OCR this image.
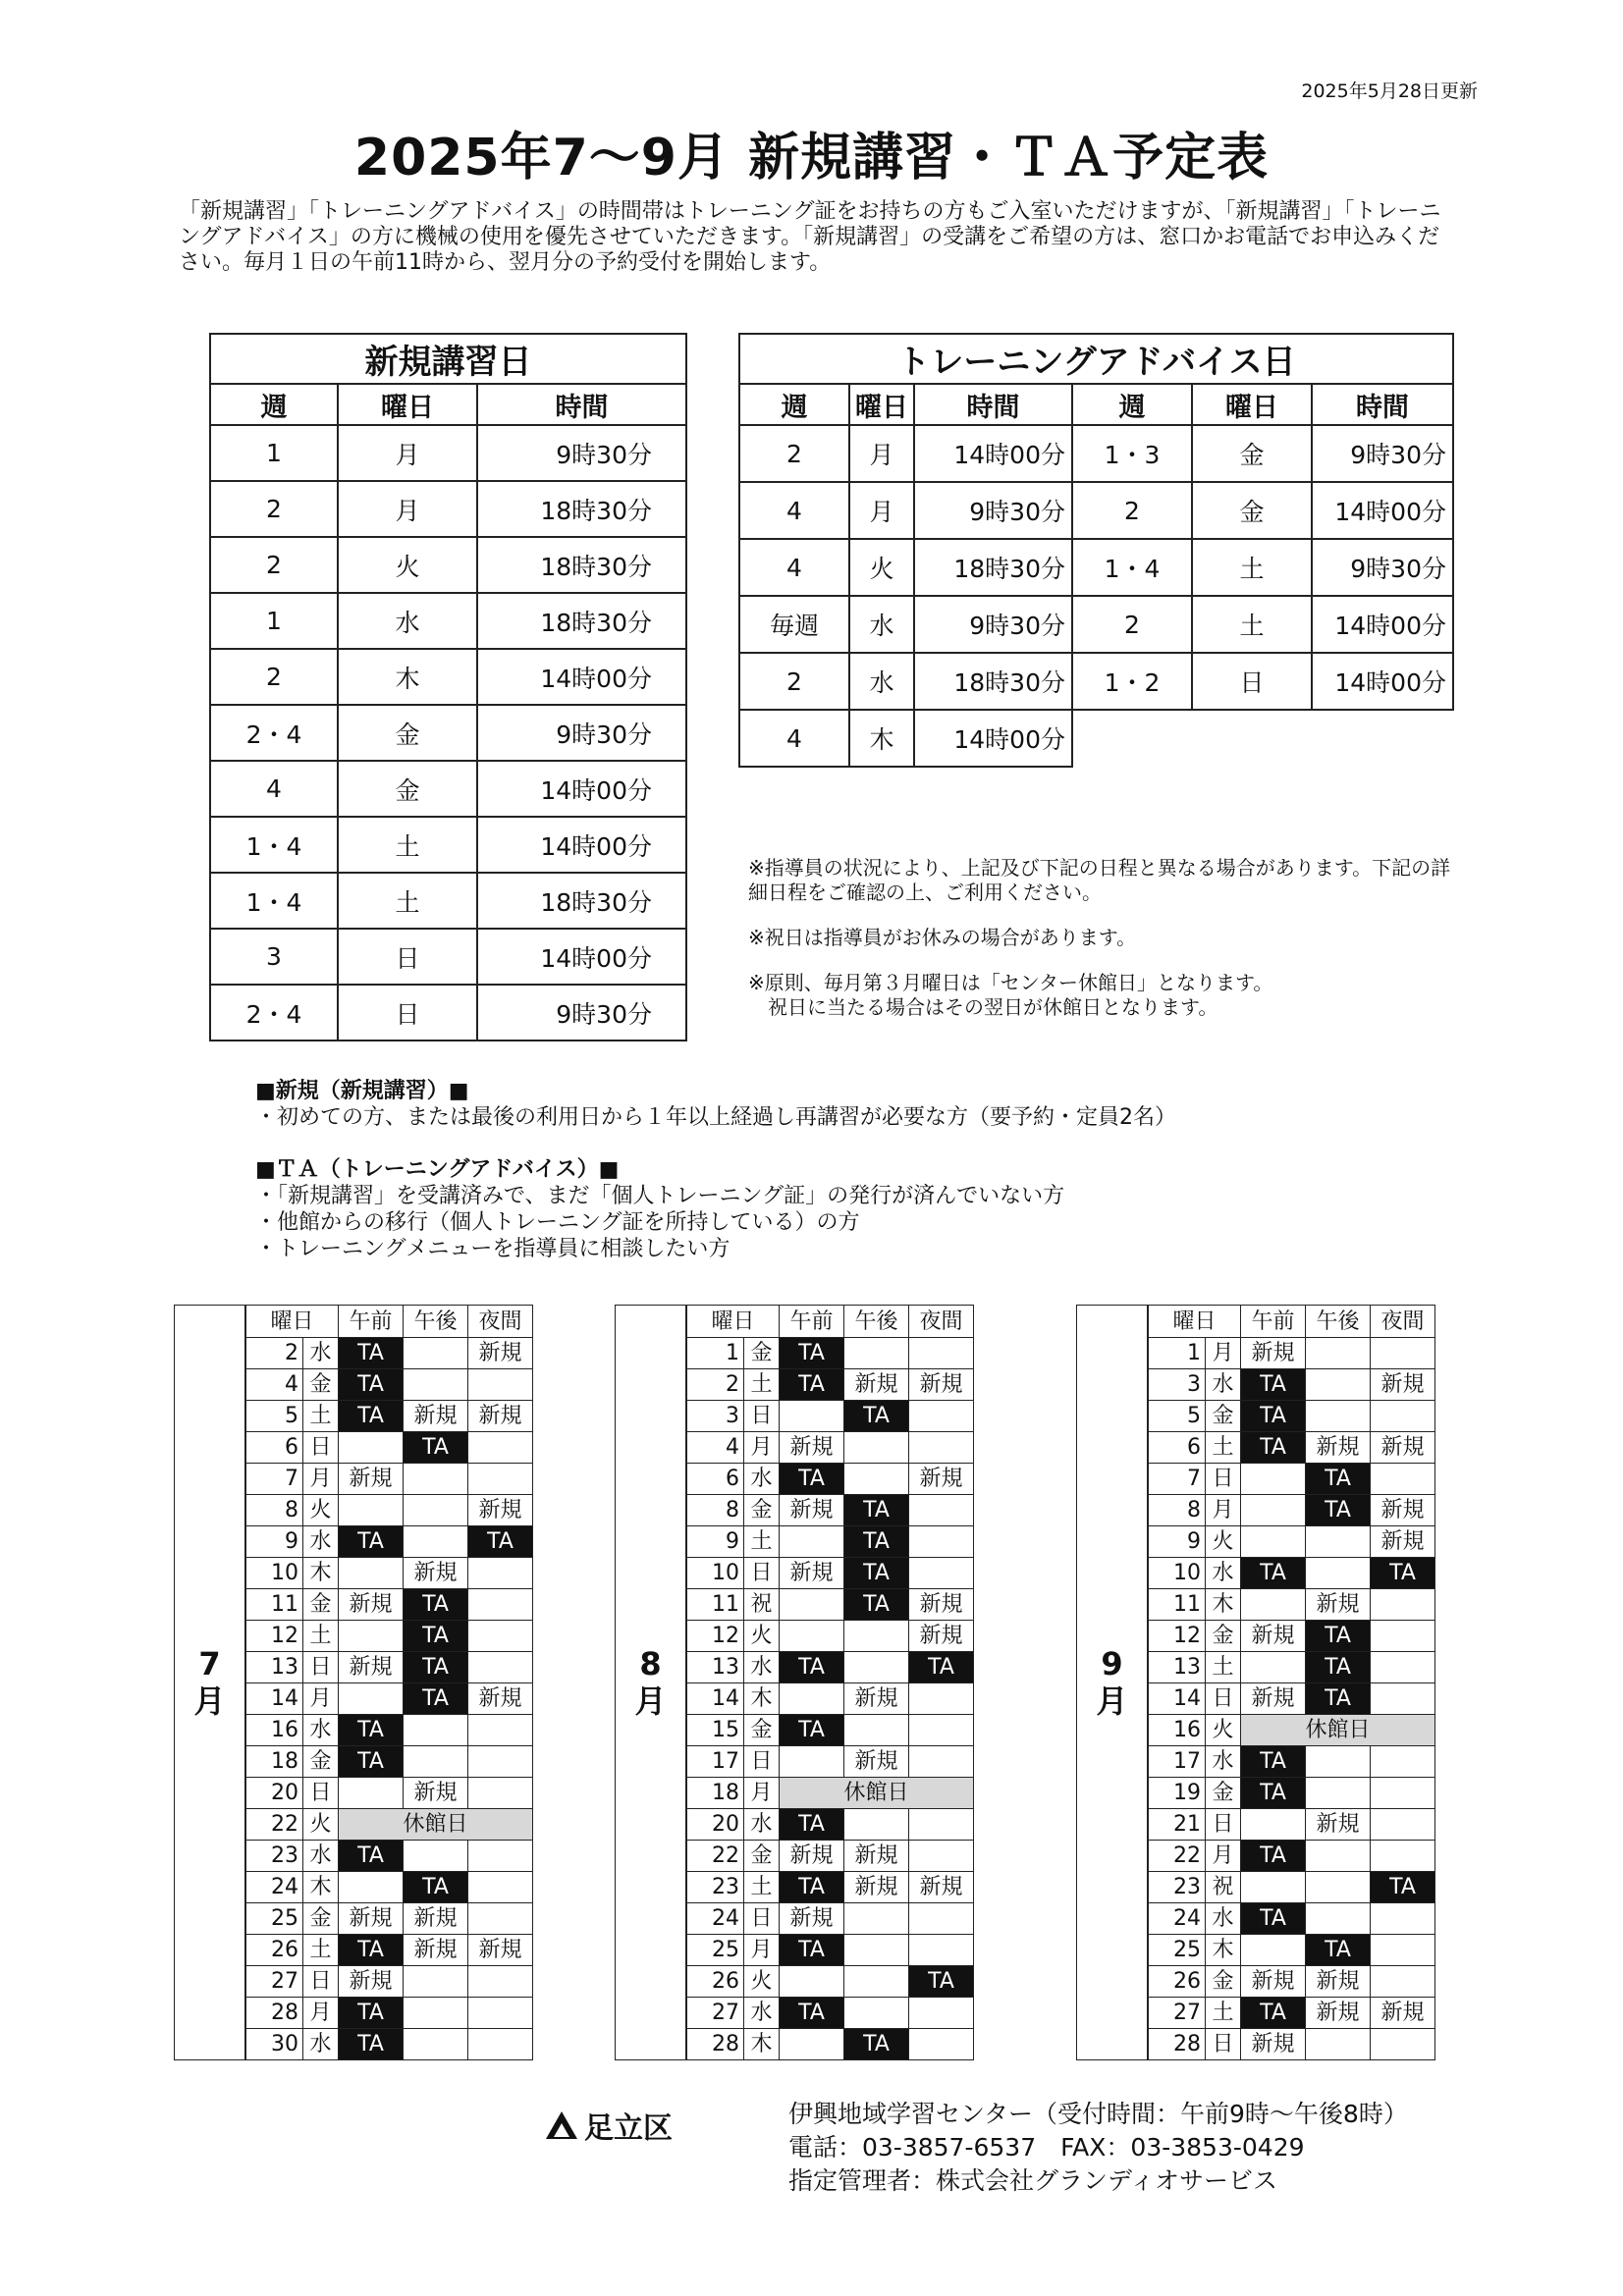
2025年5月28日更新
2025年7～9月 新規講習・ＴＡ予定表
「新規講習」「トレーニングアドバイス」の時間帯はトレーニング証をお持ちの方もご入室いただけますが、「新規講習」「トレーニングアドバイス」の方に機械の使用を優先させていただきます。「新規講習」の受講をご希望の方は、窓口かお電話でお申込みください。毎月１日の午前11時から、翌月分の予約受付を開始します。
新規講習日		
週	曜日	時間
1	月	9時30分
2	月	18時30分
2	火	18時30分
1	水	18時30分
2	木	14時00分
2・4	金	9時30分
4	金	14時00分
1・4	土	14時00分
1・4	土	18時30分
3	日	14時00分
2・4	日	9時30分
トレーニングアドバイス日					
週	曜日	時間	週	曜日	時間
2	月	14時00分	1・3	金	9時30分
4	月	9時30分	2	金	14時00分
4	火	18時30分	1・4	土	9時30分
毎週	水	9時30分	2	土	14時00分
2	水	18時30分	1・2	日	14時00分
4	木	14時00分			

※指導員の状況により、上記及び下記の日程と異なる場合があります。下記の詳細日程をご確認の上、ご利用ください。

※祝日は指導員がお休みの場合があります。

※原則、毎月第３月曜日は「センター休館日」となります。
　祝日に当たる場合はその翌日が休館日となります。

■新規（新規講習）■
・初めての方、または最後の利用日から１年以上経過し再講習が必要な方（要予約・定員2名）
■ＴＡ（トレーニングアドバイス）■
・「新規講習」を受講済みで、まだ「個人トレーニング証」の発行が済んでいない方
・他館からの移行（個人トレーニング証を所持している）の方
・トレーニングメニューを指導員に相談したい方
7
月	曜日		午前	午後	夜間
	2	水	TA		新規
	4	金	TA		
	5	土	TA	新規	新規
	6	日		TA	
	7	月	新規		
	8	火			新規
	9	水	TA		TA
	10	木		新規	
	11	金	新規	TA	
	12	土		TA	
	13	日	新規	TA	
	14	月		TA	新規
	16	水	TA		
	18	金	TA		
	20	日		新規	
	22	火	休館日		
	23	水	TA		
	24	木		TA	
	25	金	新規	新規	
	26	土	TA	新規	新規
	27	日	新規		
	28	月	TA		
	30	水	TA		
8
月	曜日		午前	午後	夜間
	1	金	TA		
	2	土	TA	新規	新規
	3	日		TA	
	4	月	新規		
	6	水	TA		新規
	8	金	新規	TA	
	9	土		TA	
	10	日	新規	TA	
	11	祝		TA	新規
	12	火			新規
	13	水	TA		TA
	14	木		新規	
	15	金	TA		
	17	日		新規	
	18	月	休館日		
	20	水	TA		
	22	金	新規	新規	
	23	土	TA	新規	新規
	24	日	新規		
	25	月	TA		
	26	火			TA
	27	水	TA		
	28	木		TA	
9
月	曜日		午前	午後	夜間
	1	月	新規		
	3	水	TA		新規
	5	金	TA		
	6	土	TA	新規	新規
	7	日		TA	
	8	月		TA	新規
	9	火			新規
	10	水	TA		TA
	11	木		新規	
	12	金	新規	TA	
	13	土		TA	
	14	日	新規	TA	
	16	火	休館日		
	17	水	TA		
	19	金	TA		
	21	日		新規	
	22	月	TA		
	23	祝			TA
	24	水	TA		
	25	木		TA	
	26	金	新規	新規	
	27	土	TA	新規	新規
	28	日	新規		
足立区	伊興地域学習センター（受付時間：午前9時～午後8時）
電話：03-3857-6537　FAX：03-3853-0429
指定管理者：株式会社グランディオサービス
